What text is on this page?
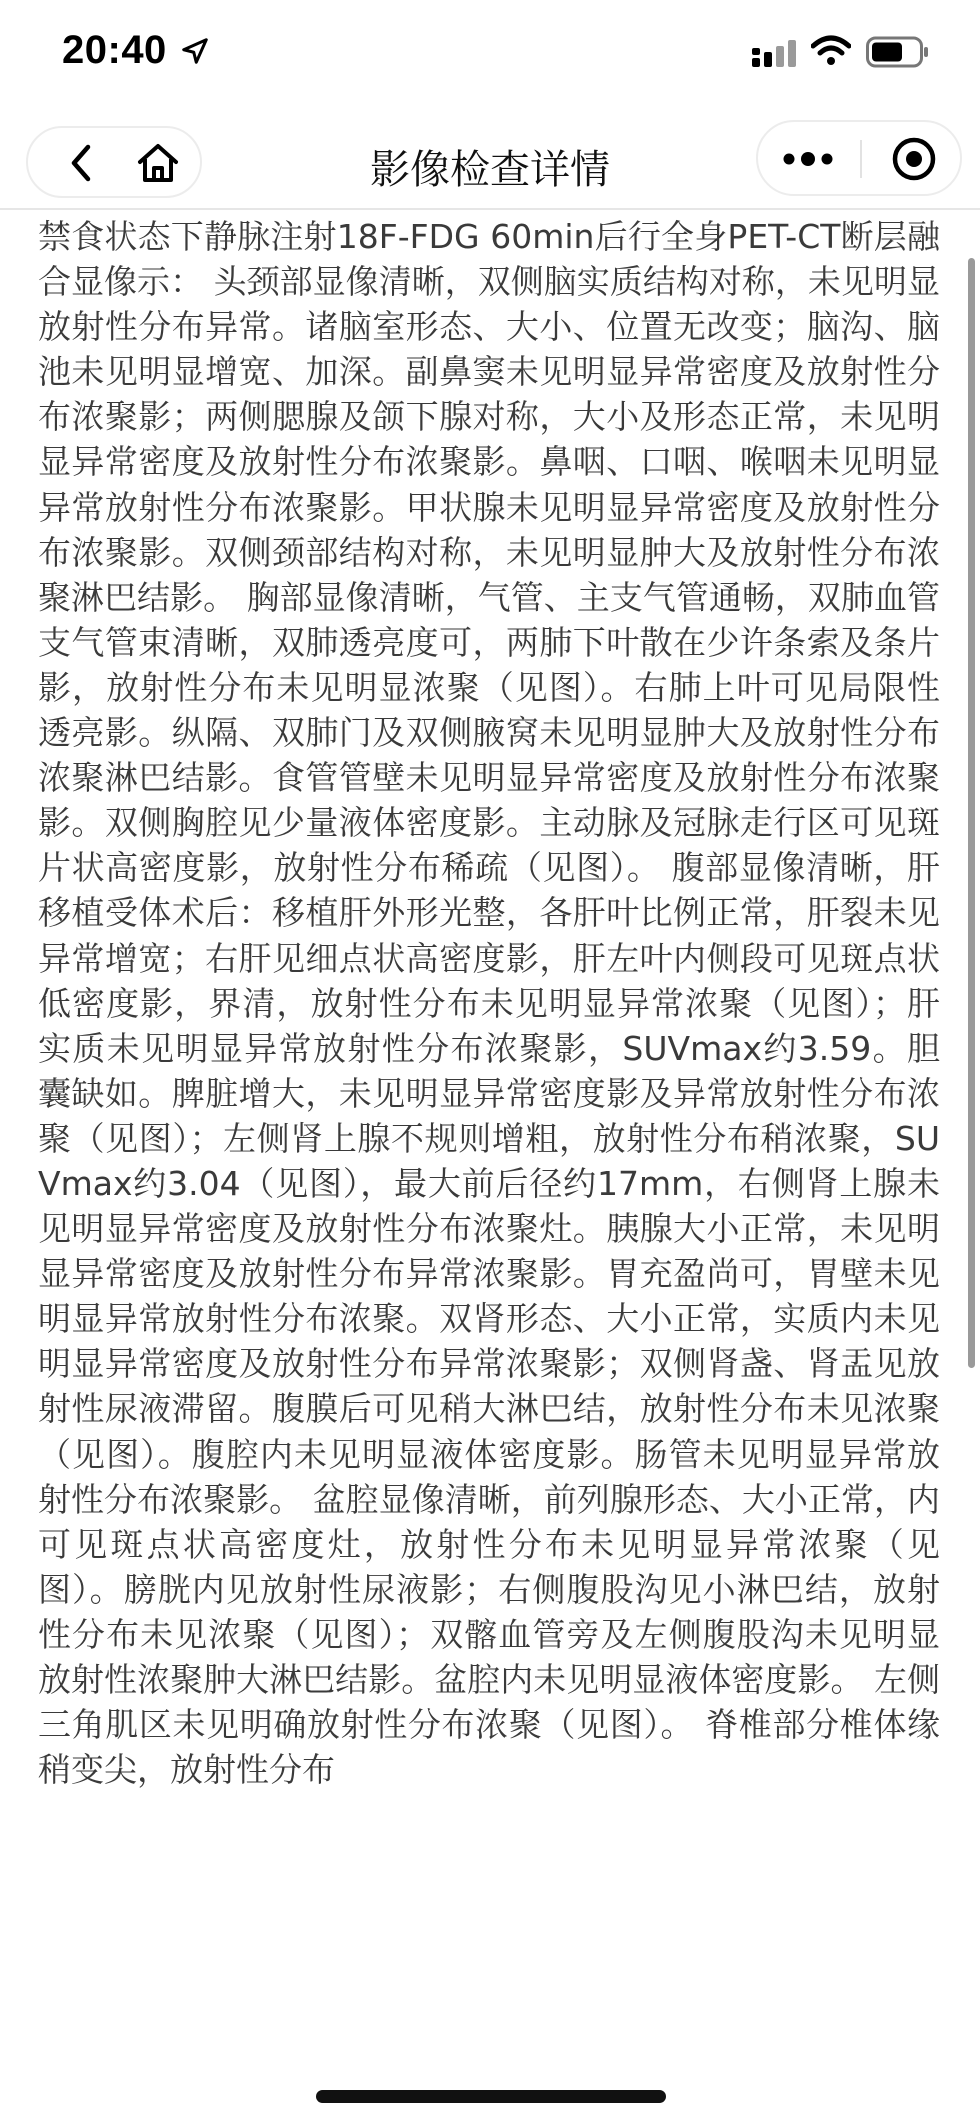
20:40
影像检查详情

禁食状态下静脉注射18F-FDG 60min后行全身PET-CT断层融合显像示： 头颈部显像清晰，双侧脑实质结构对称，未见明显放射性分布异常。诸脑室形态、大小、位置无改变；脑沟、脑池未见明显增宽、加深。副鼻窦未见明显异常密度及放射性分布浓聚影；两侧腮腺及颌下腺对称，大小及形态正常，未见明显异常密度及放射性分布浓聚影。鼻咽、口咽、喉咽未见明显异常放射性分布浓聚影。甲状腺未见明显异常密度及放射性分布浓聚影。双侧颈部结构对称，未见明显肿大及放射性分布浓聚淋巴结影。 胸部显像清晰，气管、主支气管通畅，双肺血管支气管束清晰，双肺透亮度可，两肺下叶散在少许条索及条片影，放射性分布未见明显浓聚（见图）。右肺上叶可见局限性透亮影。纵隔、双肺门及双侧腋窝未见明显肿大及放射性分布浓聚淋巴结影。食管管壁未见明显异常密度及放射性分布浓聚影。双侧胸腔见少量液体密度影。主动脉及冠脉走行区可见斑片状高密度影，放射性分布稀疏（见图）。 腹部显像清晰，肝移植受体术后：移植肝外形光整，各肝叶比例正常，肝裂未见异常增宽；右肝见细点状高密度影，肝左叶内侧段可见斑点状低密度影，界清，放射性分布未见明显异常浓聚（见图）；肝实质未见明显异常放射性分布浓聚影，SUVmax约3.59。胆囊缺如。脾脏增大，未见明显异常密度影及异常放射性分布浓聚（见图）；左侧肾上腺不规则增粗，放射性分布稍浓聚，SUVmax约3.04（见图），最大前后径约17mm，右侧肾上腺未见明显异常密度及放射性分布浓聚灶。胰腺大小正常，未见明显异常密度及放射性分布异常浓聚影。胃充盈尚可，胃壁未见明显异常放射性分布浓聚。双肾形态、大小正常，实质内未见明显异常密度及放射性分布异常浓聚影；双侧肾盏、肾盂见放射性尿液滞留。腹膜后可见稍大淋巴结，放射性分布未见浓聚（见图）。腹腔内未见明显液体密度影。肠管未见明显异常放射性分布浓聚影。 盆腔显像清晰，前列腺形态、大小正常，内可见斑点状高密度灶，放射性分布未见明显异常浓聚（见图）。膀胱内见放射性尿液影；右侧腹股沟见小淋巴结，放射性分布未见浓聚（见图）；双髂血管旁及左侧腹股沟未见明显放射性浓聚肿大淋巴结影。盆腔内未见明显液体密度影。 左侧三角肌区未见明确放射性分布浓聚（见图）。 脊椎部分椎体缘稍变尖，放射性分布
